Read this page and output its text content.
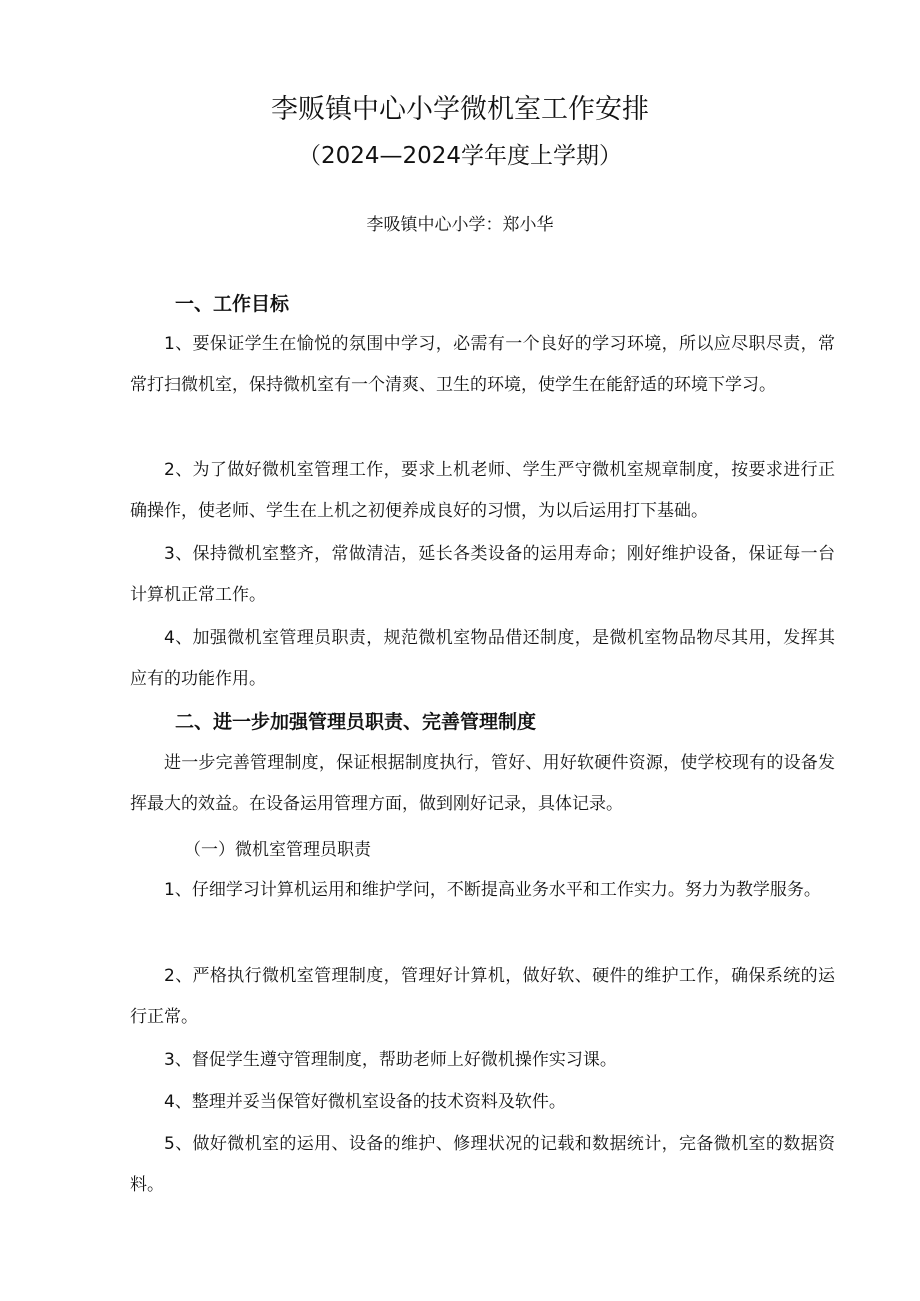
李贩镇中心小学微机室工作安排
（2024—2024学年度上学期）
李吸镇中心小学：郑小华

一、工作目标

1、要保证学生在愉悦的氛围中学习，必需有一个良好的学习环境，所以应尽职尽责，常常打扫微机室，保持微机室有一个清爽、卫生的环境，使学生在能舒适的环境下学习。

2、为了做好微机室管理工作，要求上机老师、学生严守微机室规章制度，按要求进行正确操作，使老师、学生在上机之初便养成良好的习惯，为以后运用打下基础。

3、保持微机室整齐，常做清洁，延长各类设备的运用寿命；刚好维护设备，保证每一台计算机正常工作。

4、加强微机室管理员职责，规范微机室物品借还制度，是微机室物品物尽其用，发挥其应有的功能作用。

二、进一步加强管理员职责、完善管理制度

进一步完善管理制度，保证根据制度执行，管好、用好软硬件资源，使学校现有的设备发挥最大的效益。在设备运用管理方面，做到刚好记录，具体记录。

（一）微机室管理员职责

1、仔细学习计算机运用和维护学问，不断提高业务水平和工作实力。努力为教学服务。

2、严格执行微机室管理制度，管理好计算机，做好软、硬件的维护工作，确保系统的运行正常。

3、督促学生遵守管理制度，帮助老师上好微机操作实习课。

4、整理并妥当保管好微机室设备的技术资料及软件。

5、做好微机室的运用、设备的维护、修理状况的记载和数据统计，完备微机室的数据资料。
